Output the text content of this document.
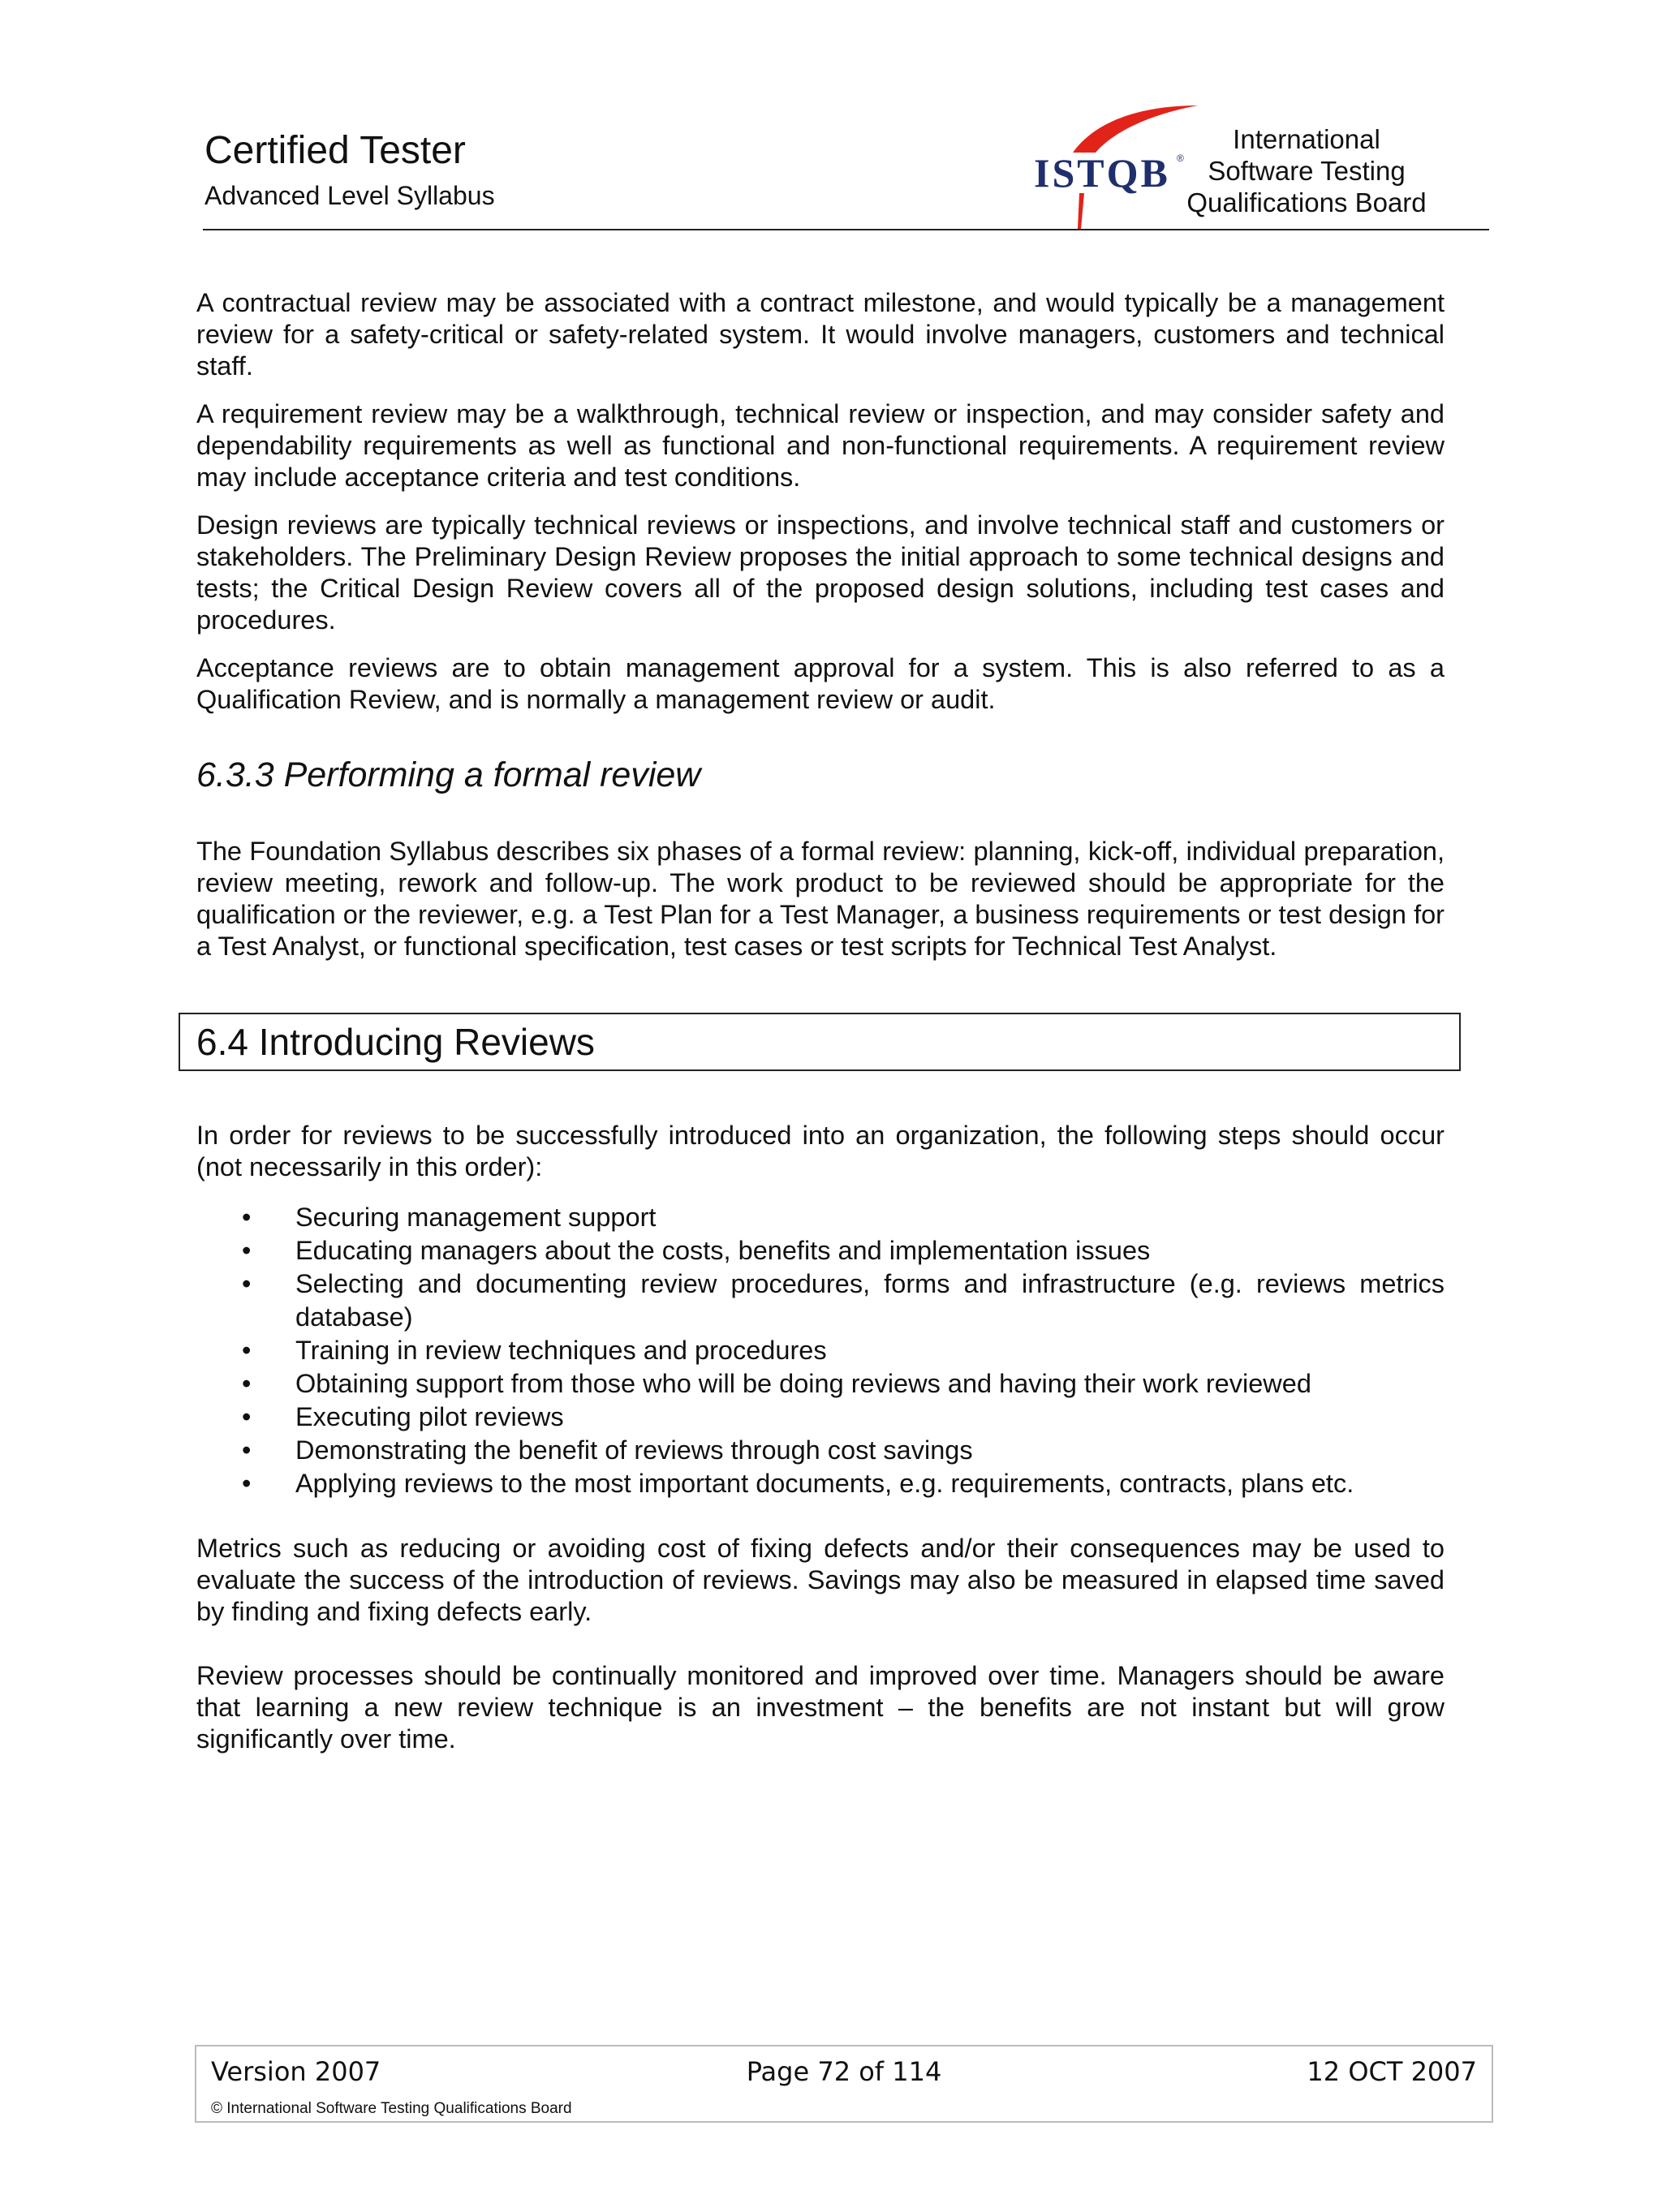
Certified Tester
Advanced Level Syllabus
ISTQB ®
International
Software Testing
Qualifications Board

A contractual review may be associated with a contract milestone, and would typically be a management review for a safety-critical or safety-related system. It would involve managers, customers and technical staff.

A requirement review may be a walkthrough, technical review or inspection, and may consider safety and dependability requirements as well as functional and non-functional requirements. A requirement review may include acceptance criteria and test conditions.

Design reviews are typically technical reviews or inspections, and involve technical staff and customers or stakeholders. The Preliminary Design Review proposes the initial approach to some technical designs and tests; the Critical Design Review covers all of the proposed design solutions, including test cases and procedures.

Acceptance reviews are to obtain management approval for a system. This is also referred to as a Qualification Review, and is normally a management review or audit.

6.3.3 Performing a formal review

The Foundation Syllabus describes six phases of a formal review: planning, kick-off, individual preparation, review meeting, rework and follow-up. The work product to be reviewed should be appropriate for the qualification or the reviewer, e.g. a Test Plan for a Test Manager, a business requirements or test design for a Test Analyst, or functional specification, test cases or test scripts for Technical Test Analyst.

6.4 Introducing Reviews

In order for reviews to be successfully introduced into an organization, the following steps should occur (not necessarily in this order):

• Securing management support
• Educating managers about the costs, benefits and implementation issues
• Selecting and documenting review procedures, forms and infrastructure (e.g. reviews metrics database)
• Training in review techniques and procedures
• Obtaining support from those who will be doing reviews and having their work reviewed
• Executing pilot reviews
• Demonstrating the benefit of reviews through cost savings
• Applying reviews to the most important documents, e.g. requirements, contracts, plans etc.

Metrics such as reducing or avoiding cost of fixing defects and/or their consequences may be used to evaluate the success of the introduction of reviews. Savings may also be measured in elapsed time saved by finding and fixing defects early.

Review processes should be continually monitored and improved over time. Managers should be aware that learning a new review technique is an investment – the benefits are not instant but will grow significantly over time.

Version 2007	Page 72 of 114	12 OCT 2007
© International Software Testing Qualifications Board
